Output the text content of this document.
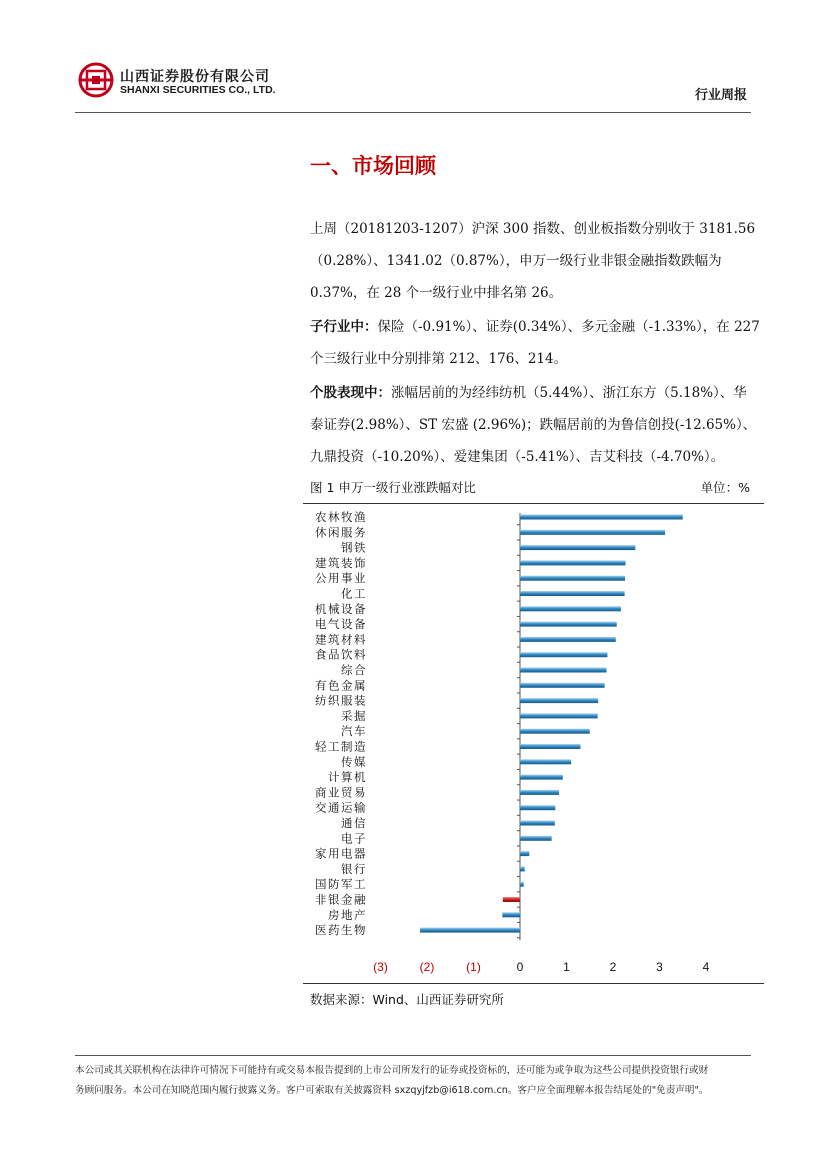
山西证券股份有限公司
SHANXI SECURITIES CO., LTD.	行业周报
一、市场回顾
上周（20181203-1207）沪深 300 指数、创业板指数分别收于 3181.56（0.28%）、1341.02（0.87%），申万一级行业非银金融指数跌幅为 0.37%，在 28 个一级行业中排名第 26。
子行业中：保险（-0.91%）、证券(0.34%）、多元金融（-1.33%），在 227 个三级行业中分别排第 212、176、214。
个股表现中：涨幅居前的为经纬纺机（5.44%）、浙江东方（5.18%）、华泰证券(2.98%）、ST 宏盛 (2.96%)；跌幅居前的为鲁信创投(-12.65%）、九鼎投资（-10.20%）、爱建集团（-5.41%）、吉艾科技（-4.70%）。
图 1 申万一级行业涨跌幅对比	单位：%
农林牧渔
休闲服务
钢铁
建筑装饰
公用事业
化工
机械设备
电气设备
建筑材料
食品饮料
综合
有色金属
纺织服装
采掘
汽车
轻工制造
传媒
计算机
商业贸易
交通运输
通信
电子
家用电器
银行
国防军工
非银金融
房地产
医药生物
(3)	(2)	(1)	0	1	2	3	4
数据来源：Wind、山西证券研究所
本公司或其关联机构在法律许可情况下可能持有或交易本报告提到的上市公司所发行的证券或投资标的，还可能为或争取为这些公司提供投资银行或财
务顾问服务。本公司在知晓范围内履行披露义务。客户可索取有关披露资料 sxzqyjfzb@i618.com.cn。客户应全面理解本报告结尾处的"免责声明"。
